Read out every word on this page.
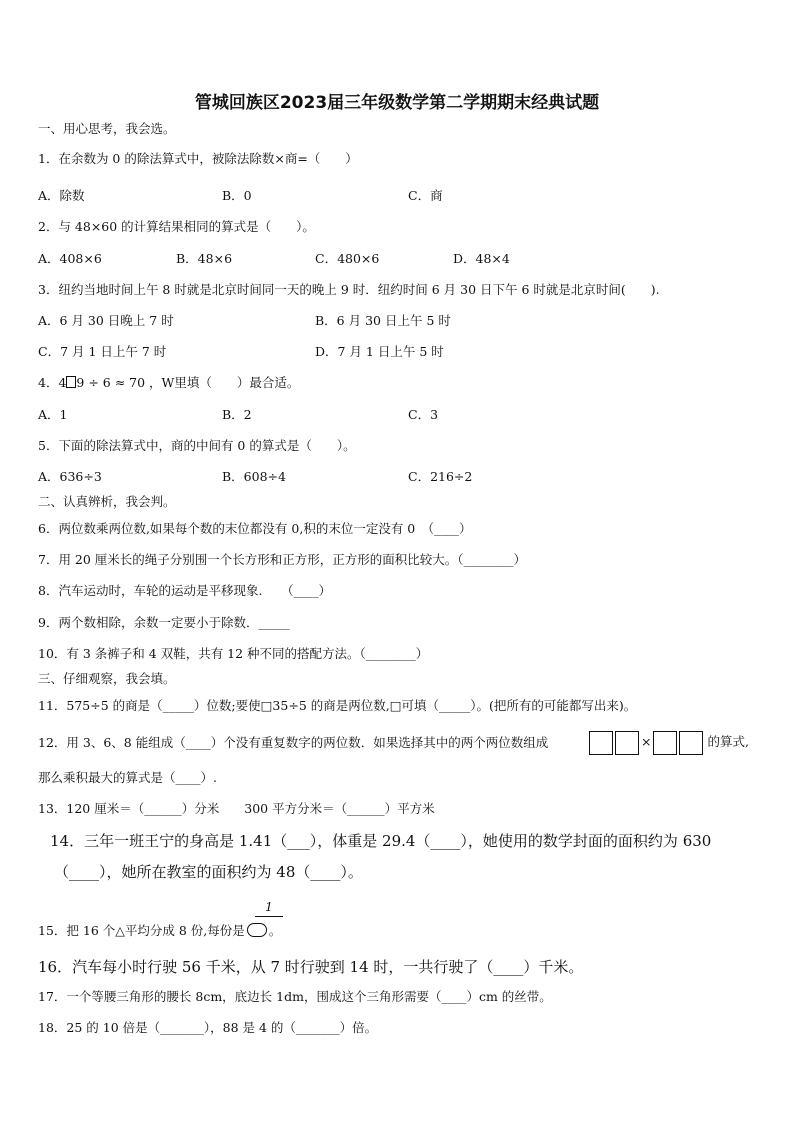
管城回族区2023届三年级数学第二学期期末经典试题
一、用心思考，我会选。
1．在余数为 0 的除法算式中，被除法除数×商=（　　）
A．除数	B．0	C．商
2．与 48×60 的计算结果相同的算式是（　　）。
A．408×6	B．48×6	C．480×6	D．48×4
3．纽约当地时间上午 8 时就是北京时间同一天的晚上 9 时．纽约时间 6 月 30 日下午 6 时就是北京时间(　　).
A．6 月 30 日晚上 7 时	B．6 月 30 日上午 5 时
C．7 月 1 日上午 7 时	D．7 月 1 日上午 5 时
4．4 9 ÷ 6 ≈ 70 ，W里填（　　）最合适。
A．1	B．2	C．3
5．下面的除法算式中，商的中间有 0 的算式是（　　）。
A．636÷3	B．608÷4	C．216÷2
二、认真辨析，我会判。
6．两位数乘两位数,如果每个数的末位都没有 0,积的末位一定没有 0　（____）
7．用 20 厘米长的绳子分别围一个长方形和正方形，正方形的面积比较大。（________）
8．汽车运动时，车轮的运动是平移现象.　　（____）
9．两个数相除，余数一定要小于除数．_____
10．有 3 条裤子和 4 双鞋，共有 12 种不同的搭配方法。（________）
三、仔细观察，我会填。
11．575÷5 的商是（_____）位数;要使□35÷5 的商是两位数,□可填（_____）。(把所有的可能都写出来)。
12．用 3、6、8 能组成（____）个没有重复数字的两位数．如果选择其中的两个两位数组成	×	的算式,
那么乘积最大的算式是（____）.
13．120 厘米＝（______）分米　　300 平方分米＝（______）平方米
14．三年一班王宁的身高是 1.41（___），体重是 29.4（____），她使用的数学封面的面积约为 630
（____），她所在教室的面积约为 48（____）。
1
15．把 16 个△平均分成 8 份,每份是 。
16．汽车每小时行驶 56 千米，从 7 时行驶到 14 时，一共行驶了（____）千米。
17．一个等腰三角形的腰长 8cm，底边长 1dm，围成这个三角形需要（____）cm 的丝带。
18．25 的 10 倍是（_______），88 是 4 的（_______）倍。
